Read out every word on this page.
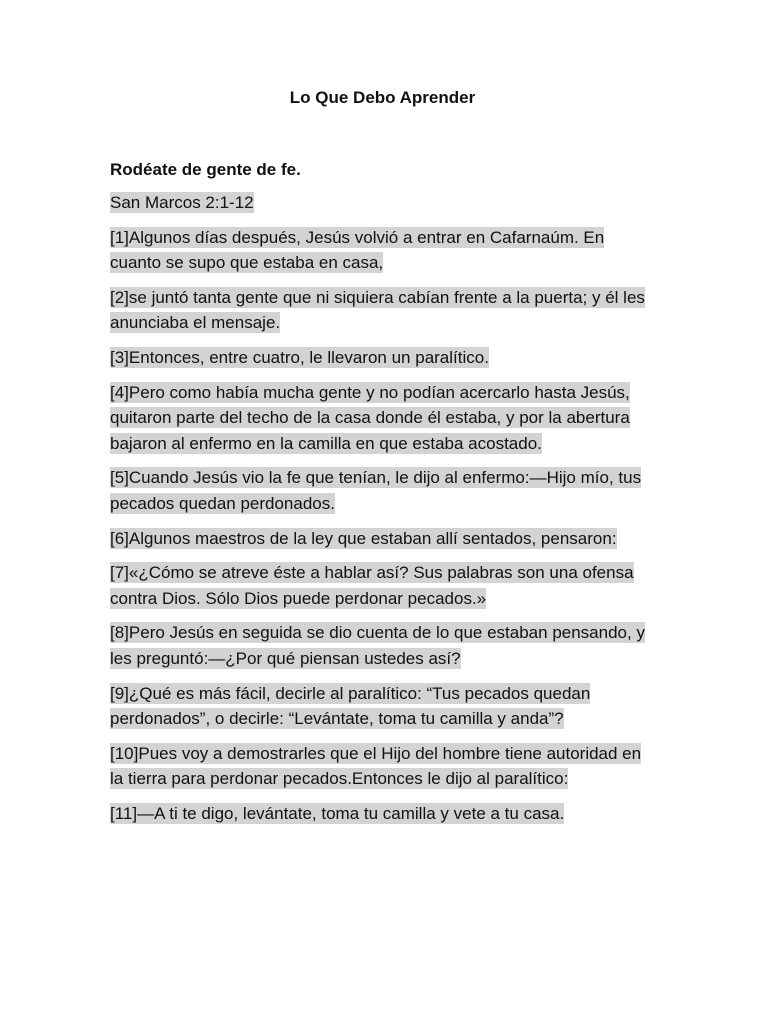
Lo Que Debo Aprender
Rodéate de gente de fe.
San Marcos 2:1-12
[1]Algunos días después, Jesús volvió a entrar en Cafarnaúm. En cuanto se supo que estaba en casa,
[2]se juntó tanta gente que ni siquiera cabían frente a la puerta; y él les anunciaba el mensaje.
[3]Entonces, entre cuatro, le llevaron un paralítico.
[4]Pero como había mucha gente y no podían acercarlo hasta Jesús, quitaron parte del techo de la casa donde él estaba, y por la abertura bajaron al enfermo en la camilla en que estaba acostado.
[5]Cuando Jesús vio la fe que tenían, le dijo al enfermo:—Hijo mío, tus pecados quedan perdonados.
[6]Algunos maestros de la ley que estaban allí sentados, pensaron:
[7]«¿Cómo se atreve éste a hablar así? Sus palabras son una ofensa contra Dios. Sólo Dios puede perdonar pecados.»
[8]Pero Jesús en seguida se dio cuenta de lo que estaban pensando, y les preguntó:—¿Por qué piensan ustedes así?
[9]¿Qué es más fácil, decirle al paralítico: “Tus pecados quedan perdonados”, o decirle: “Levántate, toma tu camilla y anda”?
[10]Pues voy a demostrarles que el Hijo del hombre tiene autoridad en la tierra para perdonar pecados.Entonces le dijo al paralítico:
[11]—A ti te digo, levántate, toma tu camilla y vete a tu casa.
